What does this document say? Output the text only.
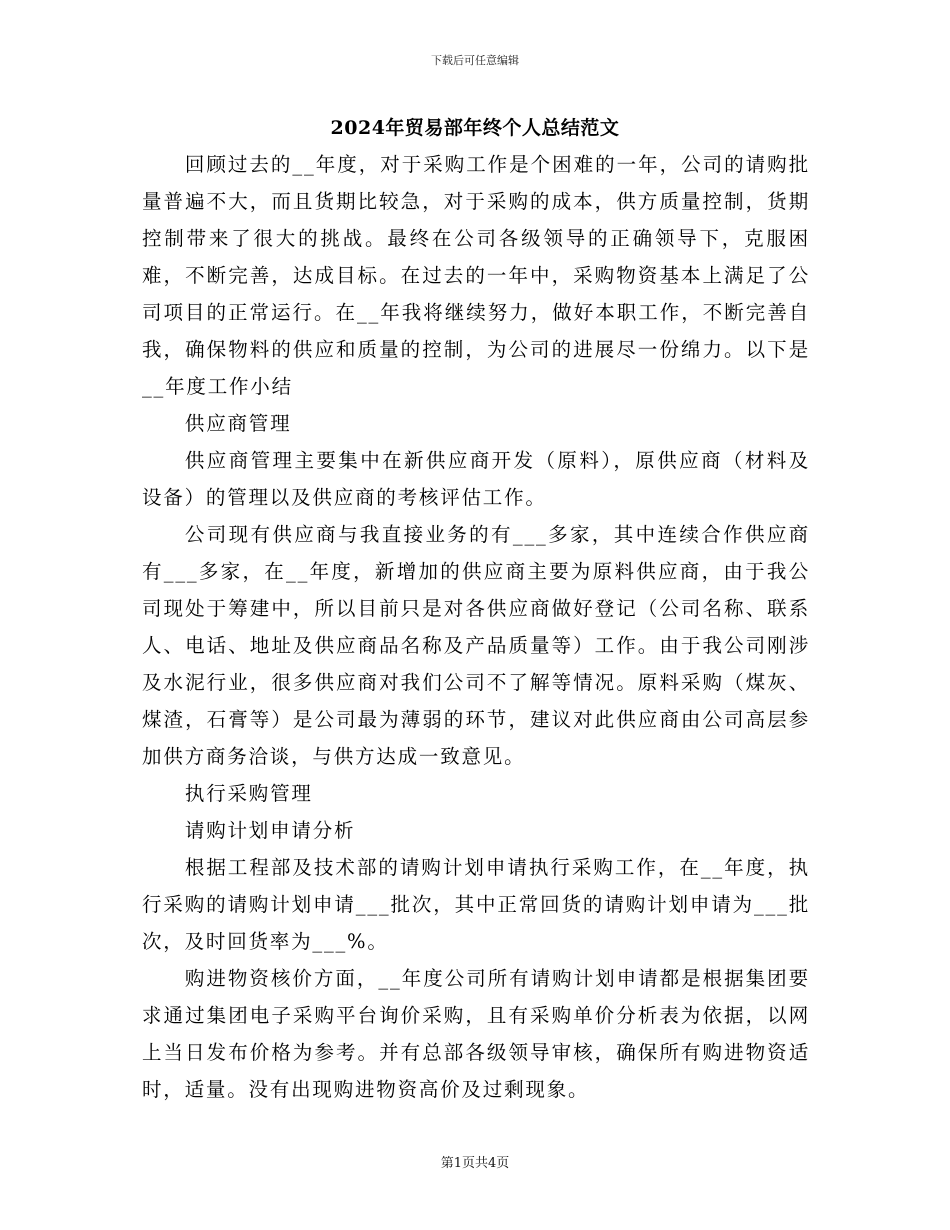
下载后可任意编辑
2024年贸易部年终个人总结范文

回顾过去的__年度，对于采购工作是个困难的一年，公司的请购批量普遍不大，而且货期比较急，对于采购的成本，供方质量控制，货期控制带来了很大的挑战。最终在公司各级领导的正确领导下，克服困难，不断完善，达成目标。在过去的一年中，采购物资基本上满足了公司项目的正常运行。在__年我将继续努力，做好本职工作，不断完善自我，确保物料的供应和质量的控制，为公司的进展尽一份绵力。以下是__年度工作小结

供应商管理

供应商管理主要集中在新供应商开发（原料），原供应商（材料及设备）的管理以及供应商的考核评估工作。

公司现有供应商与我直接业务的有___多家，其中连续合作供应商有___多家，在__年度，新增加的供应商主要为原料供应商，由于我公司现处于筹建中，所以目前只是对各供应商做好登记（公司名称、联系人、电话、地址及供应商品名称及产品质量等）工作。由于我公司刚涉及水泥行业，很多供应商对我们公司不了解等情况。原料采购（煤灰、煤渣，石膏等）是公司最为薄弱的环节，建议对此供应商由公司高层参加供方商务洽谈，与供方达成一致意见。

执行采购管理

请购计划申请分析

根据工程部及技术部的请购计划申请执行采购工作，在__年度，执行采购的请购计划申请___批次，其中正常回货的请购计划申请为___批次，及时回货率为___%。

购进物资核价方面，__年度公司所有请购计划申请都是根据集团要求通过集团电子采购平台询价采购，且有采购单价分析表为依据，以网上当日发布价格为参考。并有总部各级领导审核，确保所有购进物资适时，适量。没有出现购进物资高价及过剩现象。

第1页共4页
